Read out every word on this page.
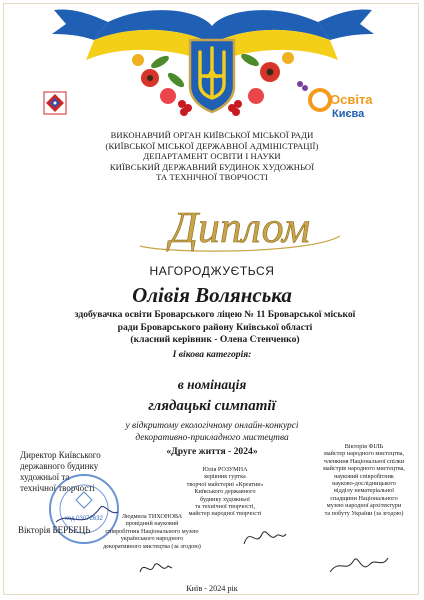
Освіта
Києва
ВИКОНАВЧИЙ ОРГАН КИЇВСЬКОЇ МІСЬКОЇ РАДИ
(КИЇВСЬКОЇ МІСЬКОЇ ДЕРЖАВНОЇ АДМІНІСТРАЦІЇ)
ДЕПАРТАМЕНТ ОСВІТИ І НАУКИ
КИЇВСЬКИЙ ДЕРЖАВНИЙ БУДИНОК ХУДОЖНЬОЇ
ТА ТЕХНІЧНОЇ ТВОРЧОСТІ
Диплом
НАГОРОДЖУЄТЬСЯ
Олівія Волянська
здобувачка освіти Броварського ліцею № 11 Броварської міської
ради Броварського району Київської області
(класний керівник - Олена Стенченко)
І вікова категорія:
в номінація
глядацькі симпатії
у відкритому екологічному онлайн-конкурсі
декоративно-прикладного мистецтва
«Друге життя - 2024»
Директор Київського
державного будинку
художньої та
технічної творчості
код 03072632
Вікторія БЕРБЕЦЬ
Юлія РОЗУМНА
керівник гуртка
творчої майстерні «Креатив»
Київського державного
будинку художньої
та технічної творчості,
майстер народної творчості
Вікторія ФІЛЬ
майстер народного мистецтва,
членкиня Національної спілки
майстрів народного мистецтва,
науковий співробітник
науково-дослідницького
відділу нематеріальної
спадщини Національного
музею народної архітектури
та побуту України (за згодою)
Людмила ТИХОНОВА
провідний науковий
співробітник Національного музею
українського народного
декоративного мистецтва (за згодою)
Київ - 2024 рік
